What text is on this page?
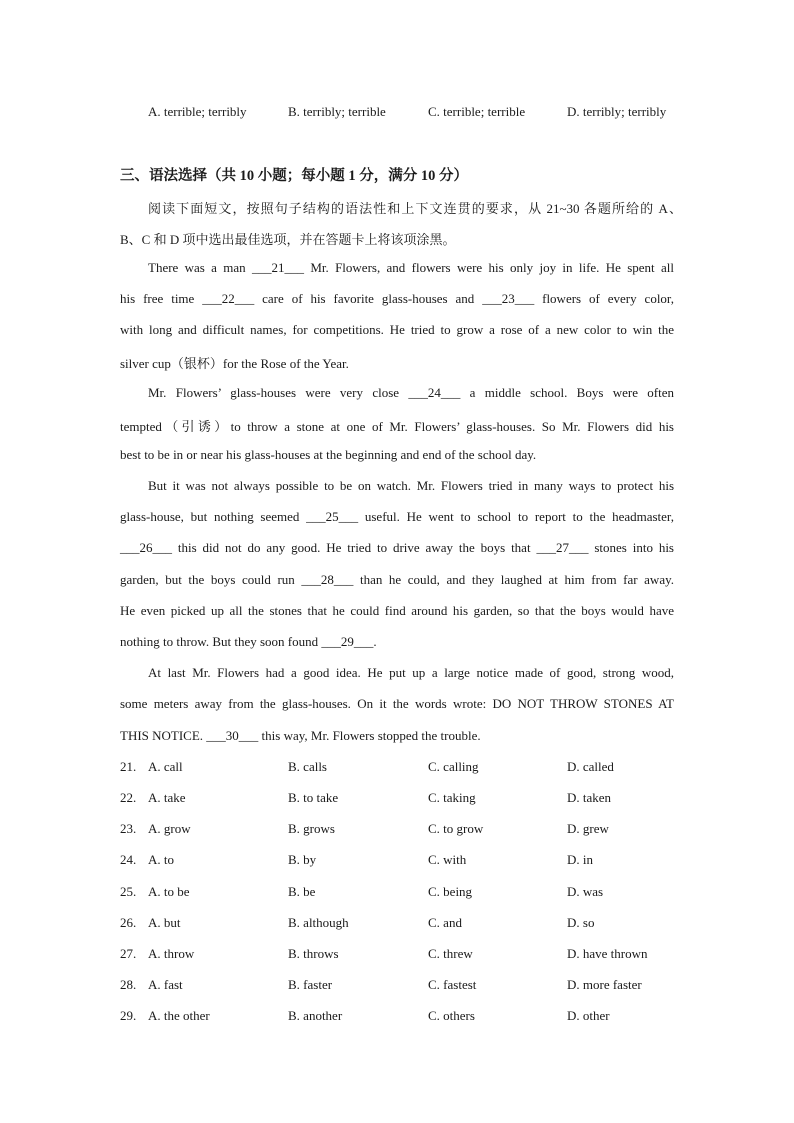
A. terrible; terribly	B. terribly; terrible	C. terrible; terrible	D. terribly; terribly
三、语法选择（共 10 小题；每小题 1 分，满分 10 分）
阅读下面短文，按照句子结构的语法性和上下文连贯的要求，从 21~30 各题所给的 A、
B、C 和 D 项中选出最佳选项，并在答题卡上将该项涂黑。
There was a man ___21___ Mr. Flowers, and flowers were his only joy in life. He spent all
his free time ___22___ care of his favorite glass-houses and ___23___ flowers of every color,
with long and difficult names, for competitions. He tried to grow a rose of a new color to win the
silver cup（银杯）for the Rose of the Year.
Mr. Flowers’ glass-houses were very close ___24___ a middle school. Boys were often
tempted（引诱）to throw a stone at one of Mr. Flowers’ glass-houses. So Mr. Flowers did his
best to be in or near his glass-houses at the beginning and end of the school day.
But it was not always possible to be on watch. Mr. Flowers tried in many ways to protect his
glass-house, but nothing seemed ___25___ useful. He went to school to report to the headmaster,
___26___ this did not do any good. He tried to drive away the boys that ___27___ stones into his
garden, but the boys could run ___28___ than he could, and they laughed at him from far away.
He even picked up all the stones that he could find around his garden, so that the boys would have
nothing to throw. But they soon found ___29___.
At last Mr. Flowers had a good idea. He put up a large notice made of good, strong wood,
some meters away from the glass-houses. On it the words wrote: DO NOT THROW STONES AT
THIS NOTICE. ___30___ this way, Mr. Flowers stopped the trouble.
21. A. call	B. calls	C. calling	D. called
22. A. take	B. to take	C. taking	D. taken
23. A. grow	B. grows	C. to grow	D. grew
24. A. to	B. by	C. with	D. in
25. A. to be	B. be	C. being	D. was
26. A. but	B. although	C. and	D. so
27. A. throw	B. throws	C. threw	D. have thrown
28. A. fast	B. faster	C. fastest	D. more faster
29. A. the other	B. another	C. others	D. other
